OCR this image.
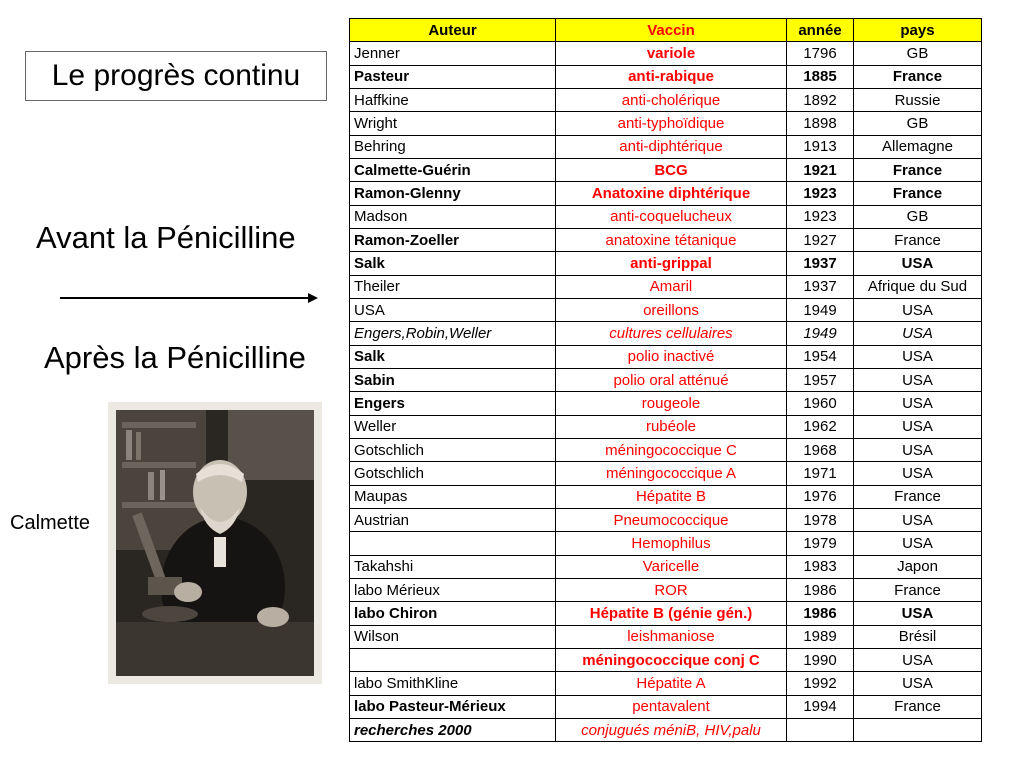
Le progrès continu
Avant la Pénicilline
Après la Pénicilline
Calmette
Auteur	Vaccin	année	pays
Jenner	variole	1796	GB
Pasteur	anti-rabique	1885	France
Haffkine	anti-cholérique	1892	Russie
Wright	anti-typhoïdique	1898	GB
Behring	anti-diphtérique	1913	Allemagne
Calmette-Guérin	BCG	1921	France
Ramon-Glenny	Anatoxine diphtérique	1923	France
Madson	anti-coquelucheux	1923	GB
Ramon-Zoeller	anatoxine tétanique	1927	France
Salk	anti-grippal	1937	USA
Theiler	Amaril	1937	Afrique du Sud
USA	oreillons	1949	USA
Engers,Robin,Weller	cultures cellulaires	1949	USA
Salk	polio inactivé	1954	USA
Sabin	polio oral atténué	1957	USA
Engers	rougeole	1960	USA
Weller	rubéole	1962	USA
Gotschlich	méningococcique C	1968	USA
Gotschlich	méningococcique A	1971	USA
Maupas	Hépatite B	1976	France
Austrian	Pneumococcique	1978	USA
	Hemophilus	1979	USA
Takahshi	Varicelle	1983	Japon
labo Mérieux	ROR	1986	France
labo Chiron	Hépatite B (génie gén.)	1986	USA
Wilson	leishmaniose	1989	Brésil
	méningococcique conj C	1990	USA
labo SmithKline	Hépatite A	1992	USA
labo Pasteur-Mérieux	pentavalent	1994	France
recherches 2000	conjugués méniB, HIV,palu		
